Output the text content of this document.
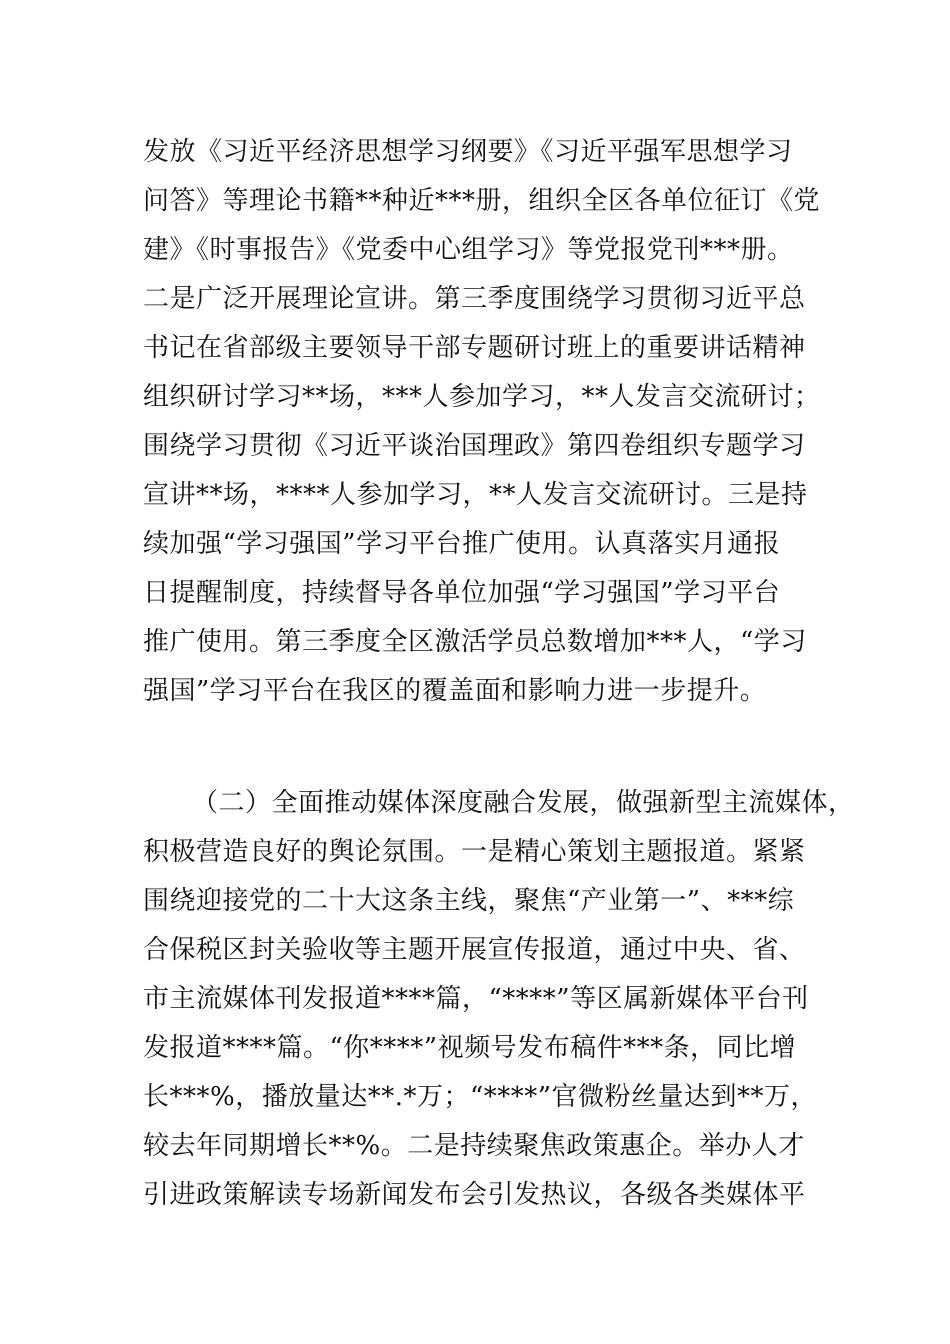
发放《习近平经济思想学习纲要》《习近平强军思想学习
问答》等理论书籍**种近***册，组织全区各单位征订《党
建》《时事报告》《党委中心组学习》等党报党刊***册。
二是广泛开展理论宣讲。第三季度围绕学习贯彻习近平总
书记在省部级主要领导干部专题研讨班上的重要讲话精神
组织研讨学习**场，***人参加学习，**人发言交流研讨；
围绕学习贯彻《习近平谈治国理政》第四卷组织专题学习
宣讲**场，****人参加学习，**人发言交流研讨。三是持
续加强“学习强国”学习平台推广使用。认真落实月通报
日提醒制度，持续督导各单位加强“学习强国”学习平台
推广使用。第三季度全区激活学员总数增加***人，“学习
强国”学习平台在我区的覆盖面和影响力进一步提升。
（二）全面推动媒体深度融合发展，做强新型主流媒体，
积极营造良好的舆论氛围。一是精心策划主题报道。紧紧
围绕迎接党的二十大这条主线，聚焦“产业第一”、***综
合保税区封关验收等主题开展宣传报道，通过中央、省、
市主流媒体刊发报道****篇，“****”等区属新媒体平台刊
发报道****篇。“你****”视频号发布稿件***条，同比增
长***%，播放量达**.*万；“****”官微粉丝量达到**万，
较去年同期增长**%。二是持续聚焦政策惠企。举办人才
引进政策解读专场新闻发布会引发热议，各级各类媒体平
